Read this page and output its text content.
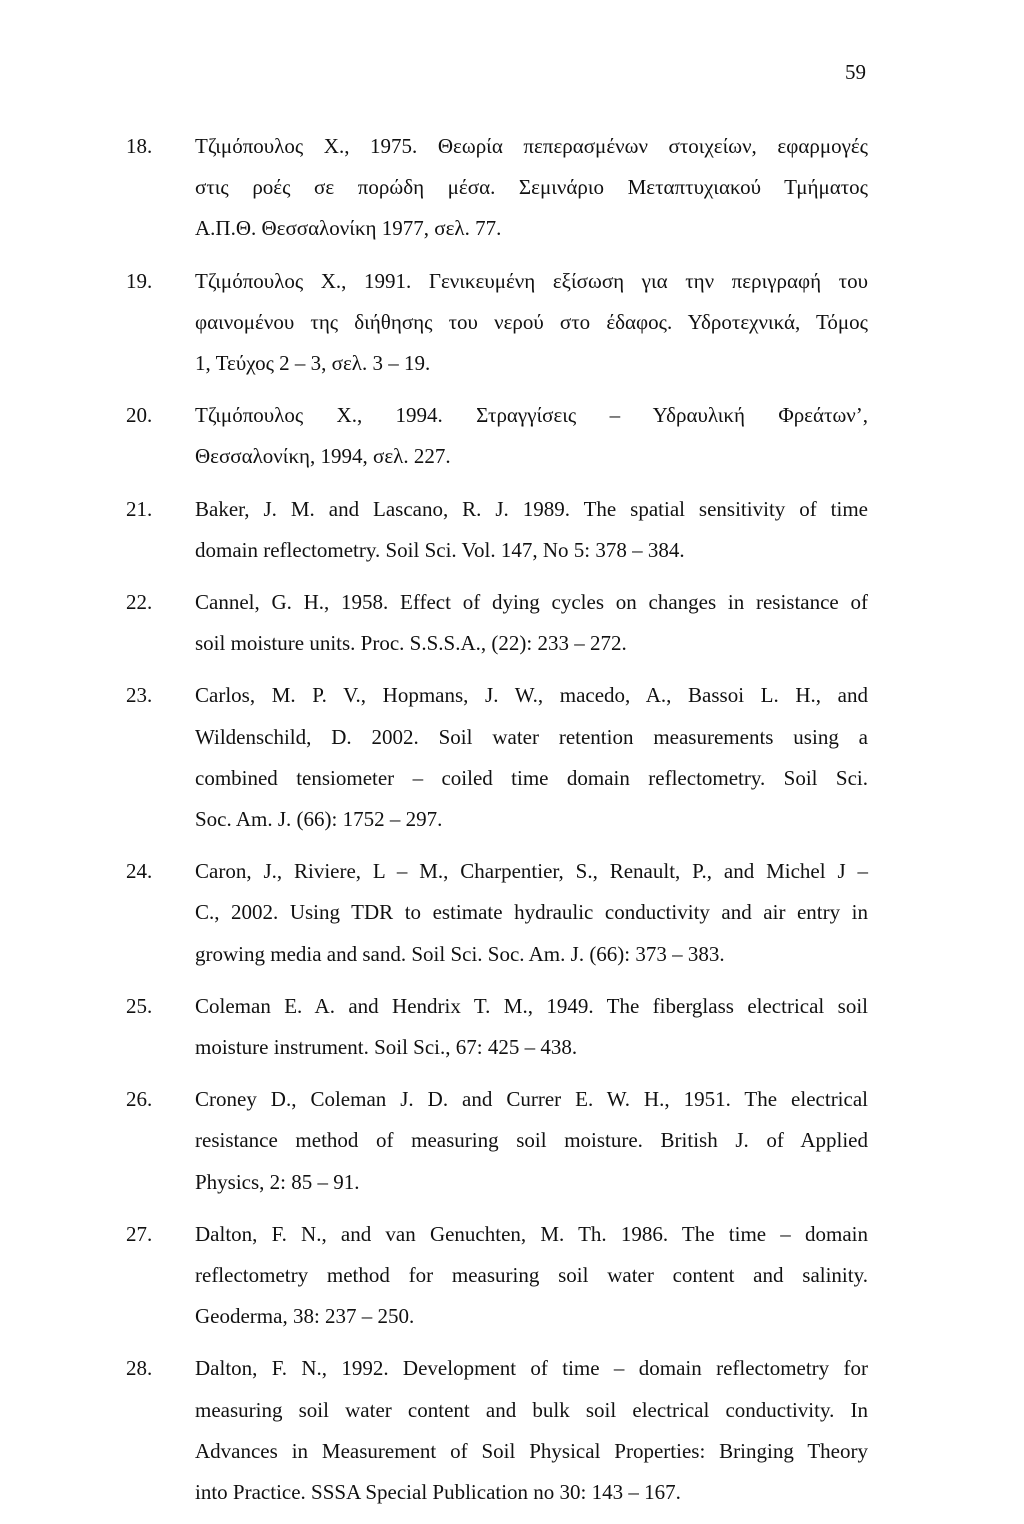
59
18. Τζιμόπουλος Χ., 1975. Θεωρία πεπερασμένων στοιχείων, εφαρμογές
στις ροές σε πορώδη μέσα. Σεμινάριο Μεταπτυχιακού Τμήματος
Α.Π.Θ. Θεσσαλονίκη 1977, σελ. 77.
19. Τζιμόπουλος Χ., 1991. Γενικευμένη εξίσωση για την περιγραφή του
φαινομένου της διήθησης του νερού στο έδαφος. Υδροτεχνικά, Τόμος
1, Τεύχος 2 – 3, σελ. 3 – 19.
20. Τζιμόπουλος Χ., 1994. Στραγγίσεις – Υδραυλική Φρεάτων’,
Θεσσαλονίκη, 1994, σελ. 227.
21. Baker, J. M. and Lascano, R. J. 1989. The spatial sensitivity of time
domain reflectometry. Soil Sci. Vol. 147, No 5: 378 – 384.
22. Cannel, G. H., 1958. Effect of dying cycles on changes in resistance of
soil moisture units. Proc. S.S.S.A., (22): 233 – 272.
23. Carlos, M. P. V., Hopmans, J. W., macedo, A., Bassoi L. H., and
Wildenschild, D. 2002. Soil water retention measurements using a
combined tensiometer – coiled time domain reflectometry. Soil Sci.
Soc. Am. J. (66): 1752 – 297.
24. Caron, J., Riviere, L – M., Charpentier, S., Renault, P., and Michel J –
C., 2002. Using TDR to estimate hydraulic conductivity and air entry in
growing media and sand. Soil Sci. Soc. Am. J. (66): 373 – 383.
25. Coleman E. A. and Hendrix T. M., 1949. The fiberglass electrical soil
moisture instrument. Soil Sci., 67: 425 – 438.
26. Croney D., Coleman J. D. and Currer E. W. H., 1951. The electrical
resistance method of measuring soil moisture. British J. of Applied
Physics, 2: 85 – 91.
27. Dalton, F. N., and van Genuchten, M. Th. 1986. The time – domain
reflectometry method for measuring soil water content and salinity.
Geoderma, 38: 237 – 250.
28. Dalton, F. N., 1992. Development of time – domain reflectometry for
measuring soil water content and bulk soil electrical conductivity. In
Advances in Measurement of Soil Physical Properties: Bringing Theory
into Practice. SSSA Special Publication no 30: 143 – 167.
